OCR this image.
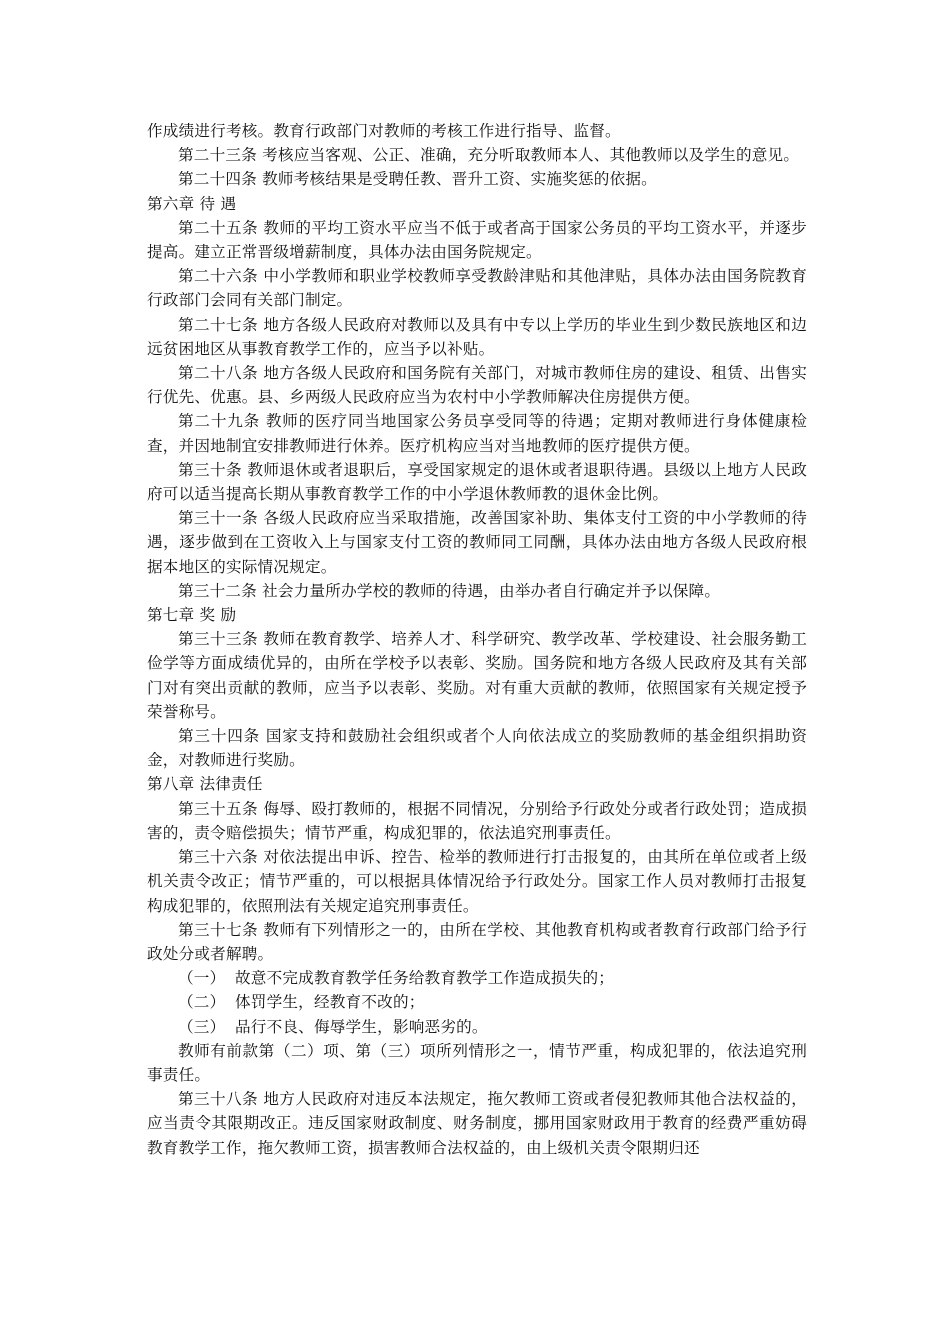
作成绩进行考核。教育行政部门对教师的考核工作进行指导、监督。

第二十三条 考核应当客观、公正、准确，充分听取教师本人、其他教师以及学生的意见。

第二十四条 教师考核结果是受聘任教、晋升工资、实施奖惩的依据。

第六章 待 遇

第二十五条 教师的平均工资水平应当不低于或者高于国家公务员的平均工资水平，并逐步提高。建立正常晋级增薪制度，具体办法由国务院规定。

第二十六条 中小学教师和职业学校教师享受教龄津贴和其他津贴，具体办法由国务院教育行政部门会同有关部门制定。

第二十七条 地方各级人民政府对教师以及具有中专以上学历的毕业生到少数民族地区和边远贫困地区从事教育教学工作的，应当予以补贴。

第二十八条 地方各级人民政府和国务院有关部门，对城市教师住房的建设、租赁、出售实行优先、优惠。县、乡两级人民政府应当为农村中小学教师解决住房提供方便。

第二十九条 教师的医疗同当地国家公务员享受同等的待遇；定期对教师进行身体健康检查，并因地制宜安排教师进行休养。医疗机构应当对当地教师的医疗提供方便。

第三十条 教师退休或者退职后，享受国家规定的退休或者退职待遇。县级以上地方人民政府可以适当提高长期从事教育教学工作的中小学退休教师教的退休金比例。

第三十一条 各级人民政府应当采取措施，改善国家补助、集体支付工资的中小学教师的待遇，逐步做到在工资收入上与国家支付工资的教师同工同酬，具体办法由地方各级人民政府根据本地区的实际情况规定。

第三十二条 社会力量所办学校的教师的待遇，由举办者自行确定并予以保障。

第七章 奖 励

第三十三条 教师在教育教学、培养人才、科学研究、教学改革、学校建设、社会服务勤工俭学等方面成绩优异的，由所在学校予以表彰、奖励。国务院和地方各级人民政府及其有关部门对有突出贡献的教师，应当予以表彰、奖励。对有重大贡献的教师，依照国家有关规定授予荣誉称号。

第三十四条 国家支持和鼓励社会组织或者个人向依法成立的奖励教师的基金组织捐助资金，对教师进行奖励。

第八章 法律责任

第三十五条 侮辱、殴打教师的，根据不同情况，分别给予行政处分或者行政处罚；造成损害的，责令赔偿损失；情节严重，构成犯罪的，依法追究刑事责任。

第三十六条 对依法提出申诉、控告、检举的教师进行打击报复的，由其所在单位或者上级机关责令改正；情节严重的，可以根据具体情况给予行政处分。国家工作人员对教师打击报复构成犯罪的，依照刑法有关规定追究刑事责任。

第三十七条 教师有下列情形之一的，由所在学校、其他教育机构或者教育行政部门给予行政处分或者解聘。

（一） 故意不完成教育教学任务给教育教学工作造成损失的；

（二） 体罚学生，经教育不改的；

（三） 品行不良、侮辱学生，影响恶劣的。

教师有前款第（二）项、第（三）项所列情形之一，情节严重，构成犯罪的，依法追究刑事责任。

第三十八条 地方人民政府对违反本法规定，拖欠教师工资或者侵犯教师其他合法权益的，应当责令其限期改正。违反国家财政制度、财务制度，挪用国家财政用于教育的经费严重妨碍教育教学工作，拖欠教师工资，损害教师合法权益的，由上级机关责令限期归还
